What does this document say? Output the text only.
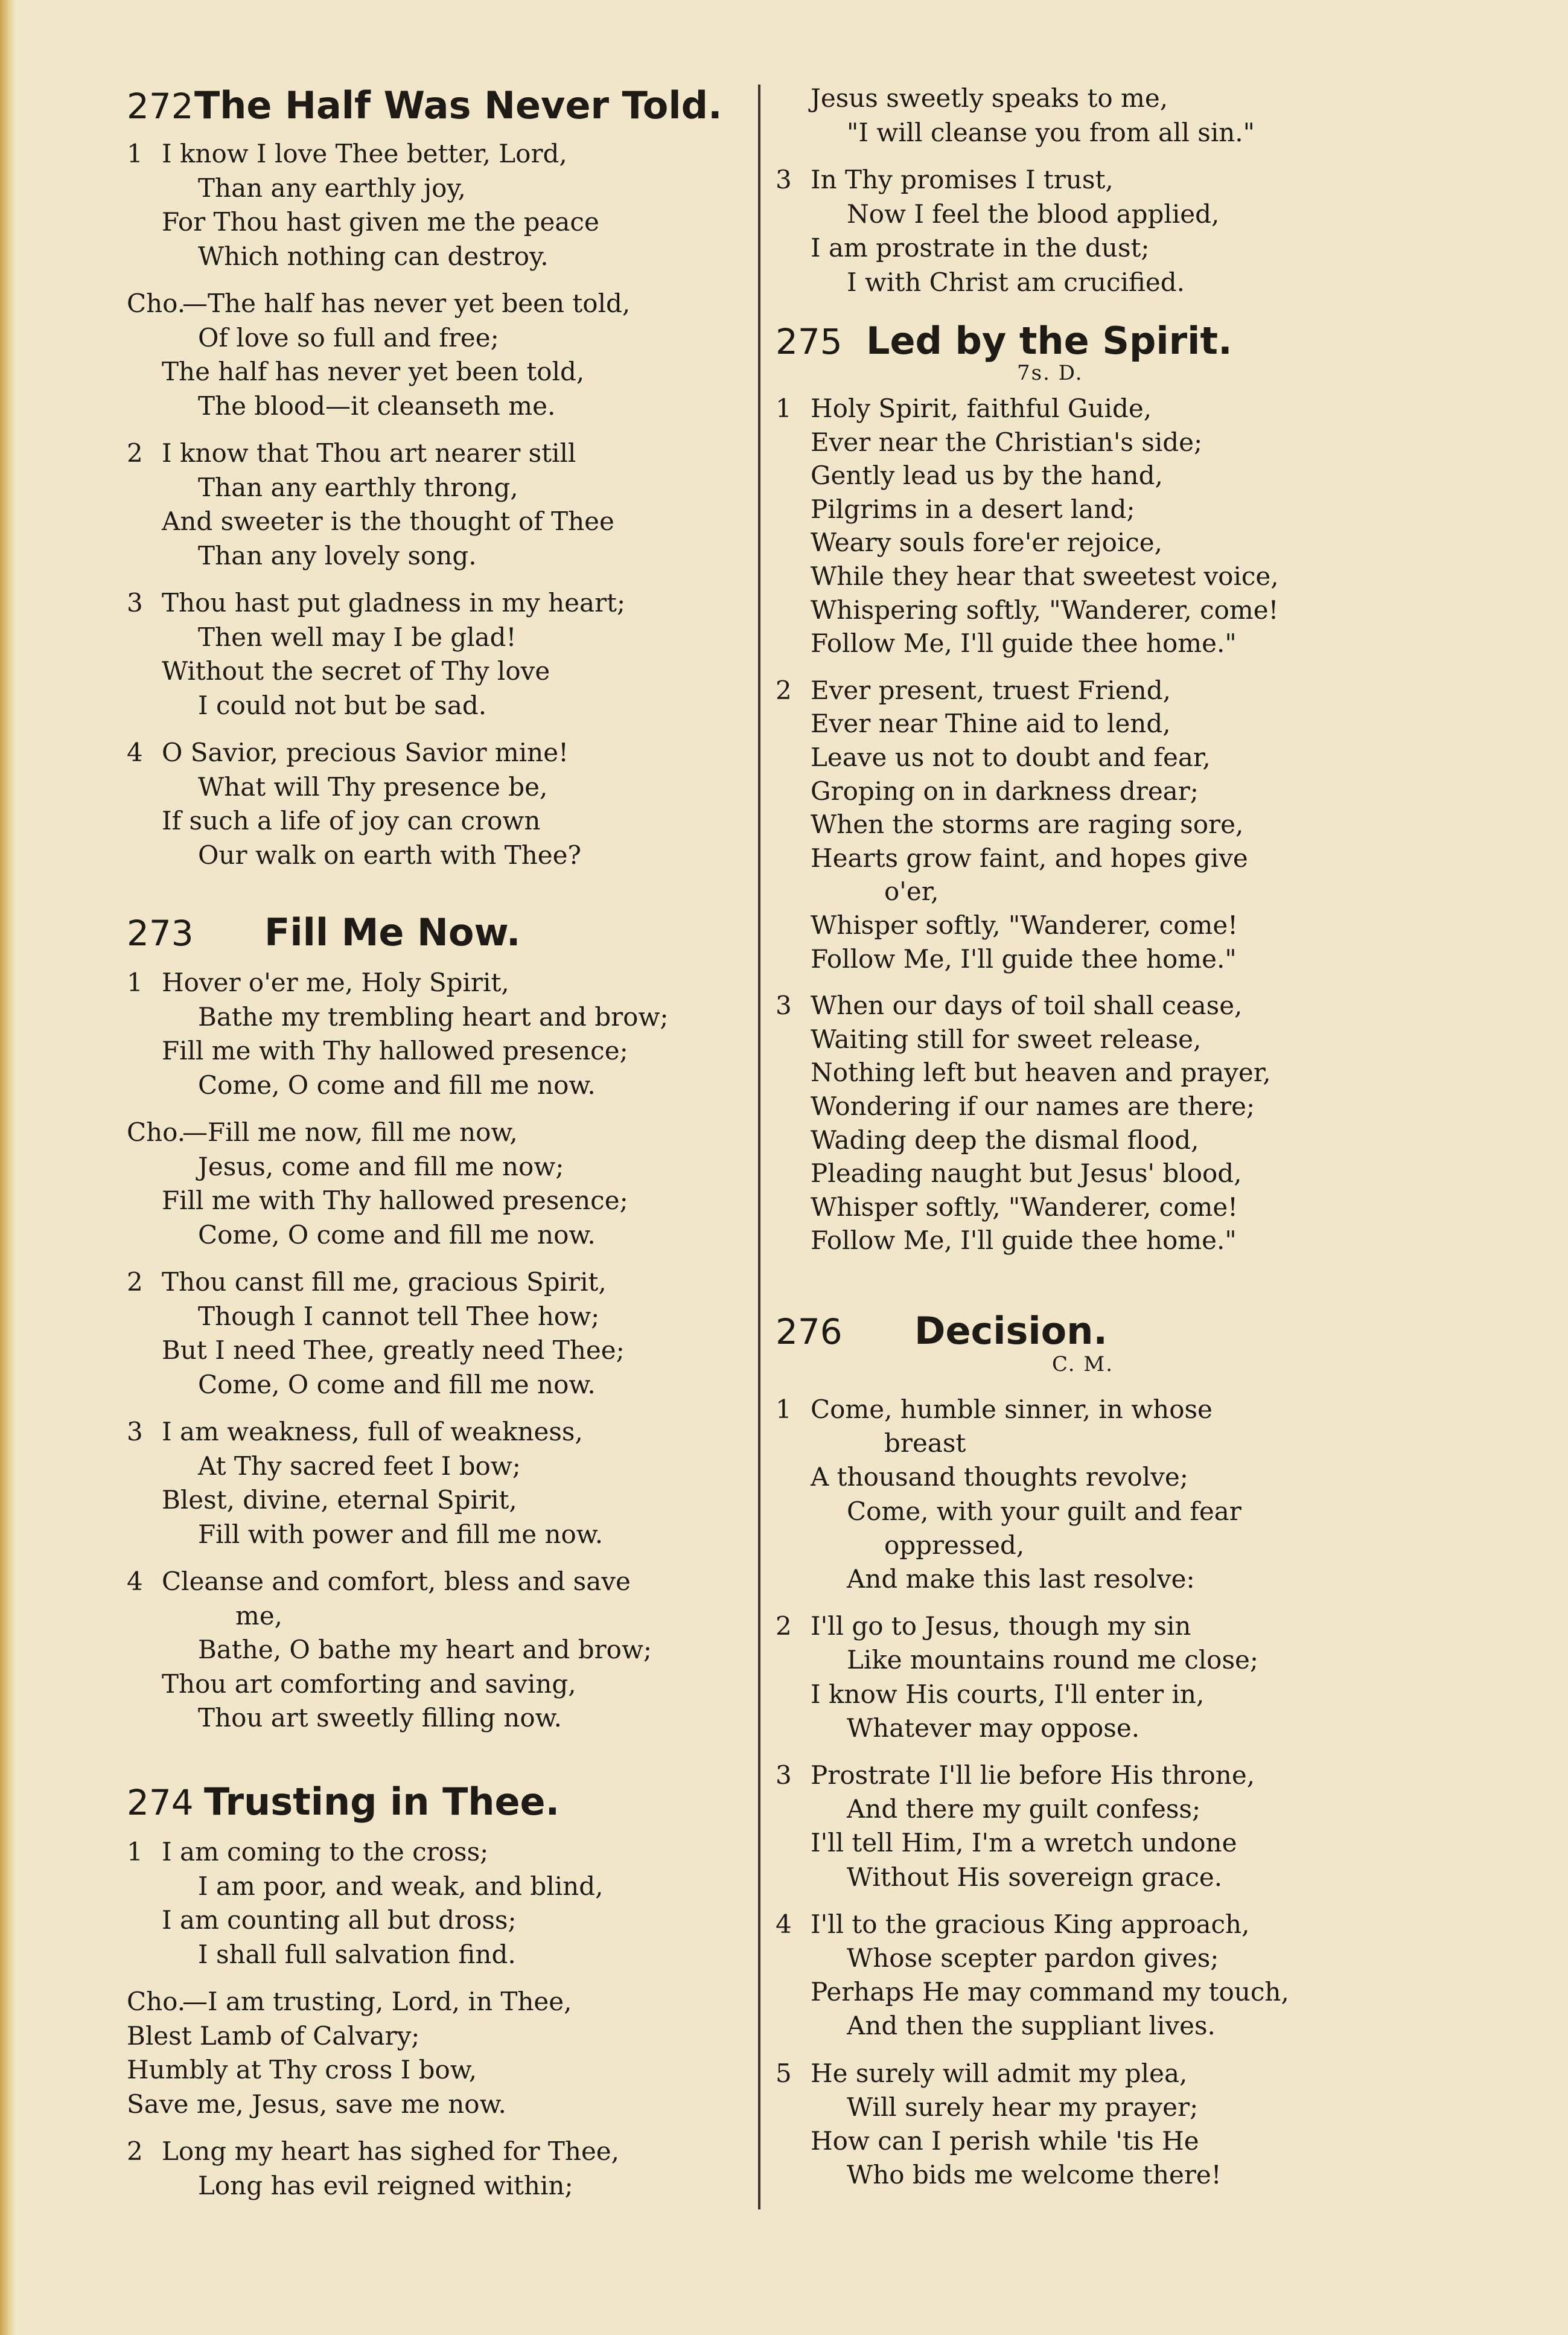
272 The Half Was Never Told.
1 I know I love Thee better, Lord,
Than any earthly joy,
For Thou hast given me the peace
Which nothing can destroy.
Cho.
—The half has never yet been told,
Of love so full and free;
The half has never yet been told,
The blood—it cleanseth me.
2 I know that Thou art nearer still
Than any earthly throng,
And sweeter is the thought of Thee
Than any lovely song.
3 Thou hast put gladness in my heart;
Then well may I be glad!
Without the secret of Thy love
I could not but be sad.
4 O Savior, precious Savior mine!
What will Thy presence be,
If such a life of joy can crown
Our walk on earth with Thee?
273	Fill Me Now.
1 Hover o'er me, Holy Spirit,
Bathe my trembling heart and brow;
Fill me with Thy hallowed presence;
Come, O come and fill me now.
Cho.
—Fill me now, fill me now,
Jesus, come and fill me now;
Fill me with Thy hallowed presence;
Come, O come and fill me now.
2 Thou canst fill me, gracious Spirit,
Though I cannot tell Thee how;
But I need Thee, greatly need Thee;
Come, O come and fill me now.
3 I am weakness, full of weakness,
At Thy sacred feet I bow;
Blest, divine, eternal Spirit,
Fill with power and fill me now.
4 Cleanse and comfort, bless and save
me,
Bathe, O bathe my heart and brow;
Thou art comforting and saving,
Thou art sweetly filling now.
274 Trusting in Thee.
1 I am coming to the cross;
I am poor, and weak, and blind,
I am counting all but dross;
I shall full salvation find.
Cho.
—I am trusting, Lord, in Thee,
Blest Lamb of Calvary;
Humbly at Thy cross I bow,
Save me, Jesus, save me now.
2 Long my heart has sighed for Thee,
Long has evil reigned within;
Jesus sweetly speaks to me,
"I will cleanse you from all sin."
3 In Thy promises I trust,
Now I feel the blood applied,
I am prostrate in the dust;
I with Christ am crucified.
275 Led by the Spirit.
7s. D.
1 Holy Spirit, faithful Guide,
Ever near the Christian's side;
Gently lead us by the hand,
Pilgrims in a desert land;
Weary souls fore'er rejoice,
While they hear that sweetest voice,
Whispering softly, "Wanderer, come!
Follow Me, I'll guide thee home."
2 Ever present, truest Friend,
Ever near Thine aid to lend,
Leave us not to doubt and fear,
Groping on in darkness drear;
When the storms are raging sore,
Hearts grow faint, and hopes give
o'er,
Whisper softly, "Wanderer, come!
Follow Me, I'll guide thee home."
3 When our days of toil shall cease,
Waiting still for sweet release,
Nothing left but heaven and prayer,
Wondering if our names are there;
Wading deep the dismal flood,
Pleading naught but Jesus' blood,
Whisper softly, "Wanderer, come!
Follow Me, I'll guide thee home."
276	Decision.
C. M.
1 Come, humble sinner, in whose
breast
A thousand thoughts revolve;
Come, with your guilt and fear
oppressed,
And make this last resolve:
2 I'll go to Jesus, though my sin
Like mountains round me close;
I know His courts, I'll enter in,
Whatever may oppose.
3 Prostrate I'll lie before His throne,
And there my guilt confess;
I'll tell Him, I'm a wretch undone
Without His sovereign grace.
4 I'll to the gracious King approach,
Whose scepter pardon gives;
Perhaps He may command my touch,
And then the suppliant lives.
5 He surely will admit my plea,
Will surely hear my prayer;
How can I perish while 'tis He
Who bids me welcome there!
